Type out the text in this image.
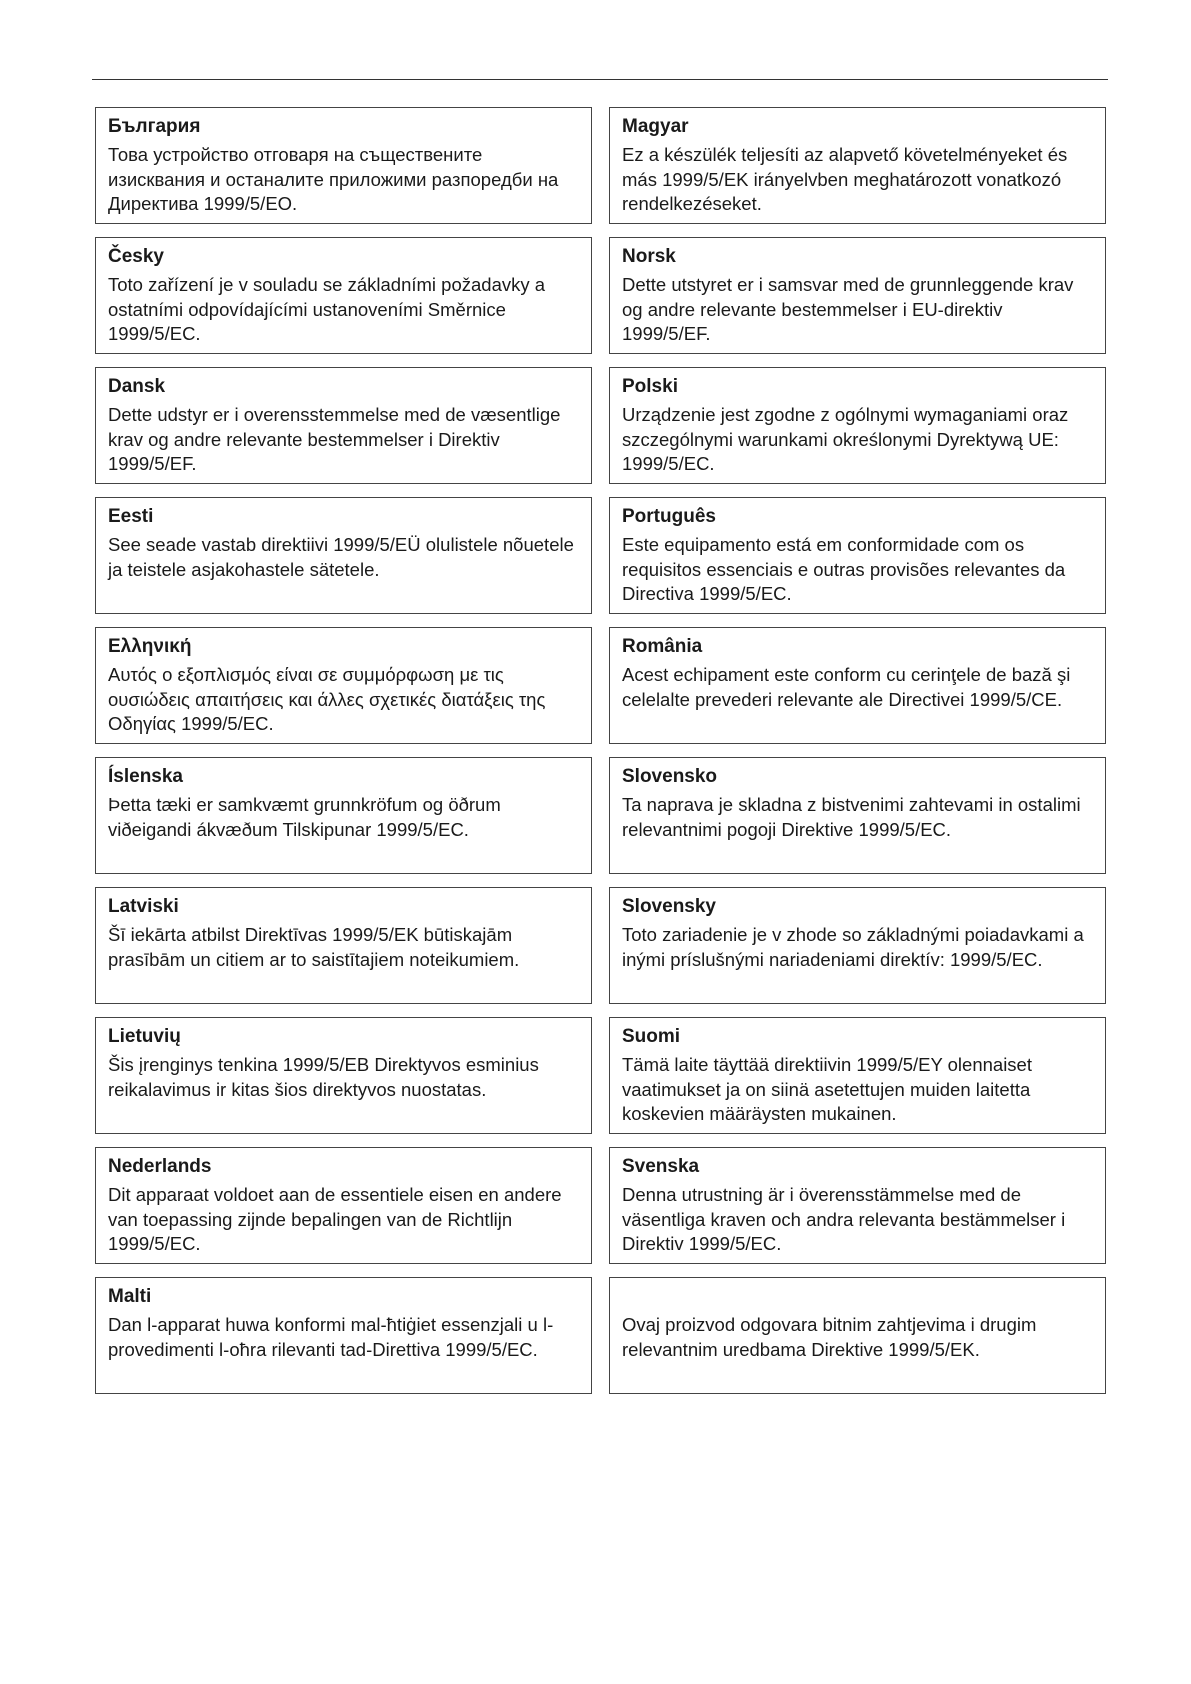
България

Това устройство отговаря на съществените изисквания и останалите приложими разпоредби на Директива 1999/5/ЕО.

Česky

Toto zařízení je v souladu se základními požadavky a ostatními odpovídajícími ustanoveními Směrnice 1999/5/EC.

Dansk

Dette udstyr er i overensstemmelse med de væsentlige krav og andre relevante bestemmelser i Direktiv 1999/5/EF.

Eesti

See seade vastab direktiivi 1999/5/EÜ olulistele nõuetele ja teistele asjakohastele sätetele.

Ελληνική

Αυτός ο εξοπλισμός είναι σε συμμόρφωση με τις ουσιώδεις απαιτήσεις και άλλες σχετικές διατάξεις της Οδηγίας 1999/5/EC.

Íslenska

Þetta tæki er samkvæmt grunnkröfum og öðrum viðeigandi ákvæðum Tilskipunar 1999/5/EC.

Latviski

Šī iekārta atbilst Direktīvas 1999/5/EK būtiskajām prasībām un citiem ar to saistītajiem noteikumiem.

Lietuvių

Šis įrenginys tenkina 1999/5/EB Direktyvos esminius reikalavimus ir kitas šios direktyvos nuostatas.

Nederlands

Dit apparaat voldoet aan de essentiele eisen en andere van toepassing zijnde bepalingen van de Richtlijn 1999/5/EC.

Malti

Dan l-apparat huwa konformi mal-ħtiġiet essenzjali u l-provedimenti l-oħra rilevanti tad-Direttiva 1999/5/EC.

Magyar

Ez a készülék teljesíti az alapvető követelményeket és más 1999/5/EK irányelvben meghatározott vonatkozó rendelkezéseket.

Norsk

Dette utstyret er i samsvar med de grunnleggende krav og andre relevante bestemmelser i EU-direktiv 1999/5/EF.

Polski

Urządzenie jest zgodne z ogólnymi wymaganiami oraz szczególnymi warunkami określonymi Dyrektywą UE: 1999/5/EC.

Português

Este equipamento está em conformidade com os requisitos essenciais e outras provisões relevantes da Directiva 1999/5/EC.

România

Acest echipament este conform cu cerinţele de bază şi celelalte prevederi relevante ale Directivei 1999/5/CE.

Slovensko

Ta naprava je skladna z bistvenimi zahtevami in ostalimi relevantnimi pogoji Direktive 1999/5/EC.

Slovensky

Toto zariadenie je v zhode so základnými poiadavkami a inými príslušnými nariadeniami direktív: 1999/5/EC.

Suomi

Tämä laite täyttää direktiivin 1999/5/EY olennaiset vaatimukset ja on siinä asetettujen muiden laitetta koskevien määräysten mukainen.

Svenska

Denna utrustning är i överensstämmelse med de väsentliga kraven och andra relevanta bestämmelser i Direktiv 1999/5/EC.

Ovaj proizvod odgovara bitnim zahtjevima i drugim relevantnim uredbama Direktive 1999/5/EK.
